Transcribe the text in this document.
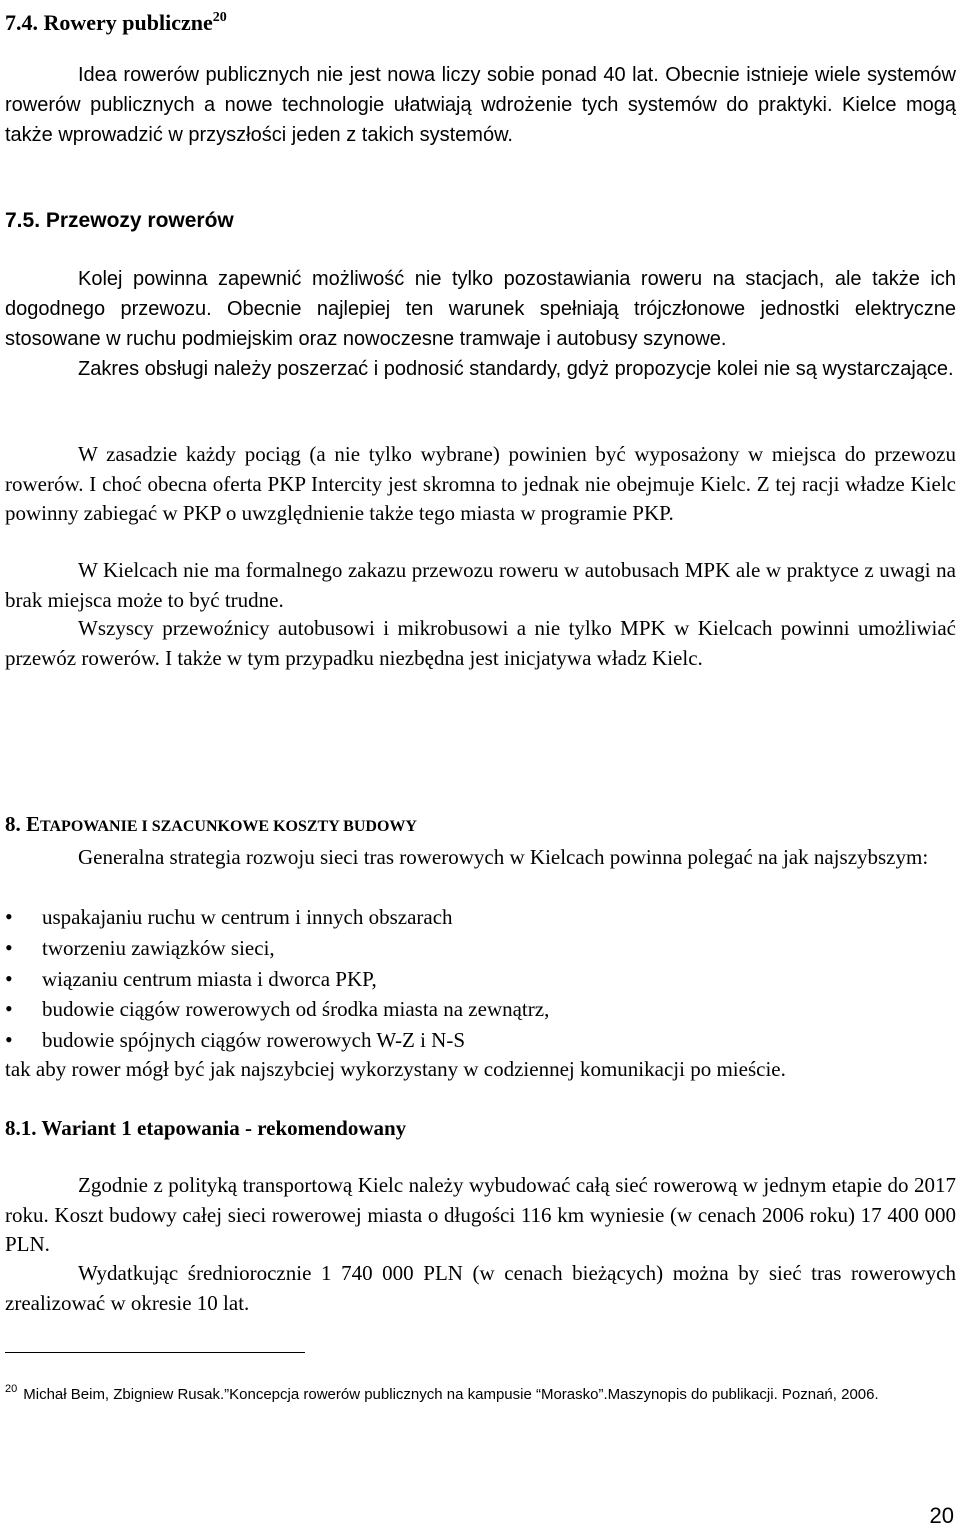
7.4. Rowery publiczne$^{20}$

Idea rowerów publicznych nie jest nowa liczy sobie ponad 40 lat. Obecnie istnieje wiele systemów rowerów publicznych a nowe technologie ułatwiają wdrożenie tych systemów do praktyki. Kielce mogą także wprowadzić w przyszłości jeden z takich systemów.

7.5. Przewozy rowerów

Kolej powinna zapewnić możliwość nie tylko pozostawiania roweru na stacjach, ale także ich dogodnego przewozu. Obecnie najlepiej ten warunek spełniają trójczłonowe jednostki elektryczne stosowane w ruchu podmiejskim oraz nowoczesne tramwaje i autobusy szynowe.

Zakres obsługi należy poszerzać i podnosić standardy, gdyż propozycje kolei nie są wystarczające.

W zasadzie każdy pociąg (a nie tylko wybrane) powinien być wyposażony w miejsca do przewozu rowerów. I choć obecna oferta PKP Intercity jest skromna to jednak nie obejmuje Kielc. Z tej racji władze Kielc powinny zabiegać w PKP o uwzględnienie także tego miasta w programie PKP.

W Kielcach nie ma formalnego zakazu przewozu roweru w autobusach MPK ale w praktyce z uwagi na brak miejsca może to być trudne.

Wszyscy przewoźnicy autobusowi i mikrobusowi a nie tylko MPK w Kielcach powinni umożliwiać przewóz rowerów. I także w tym przypadku niezbędna jest inicjatywa władz Kielc.

8. ETAPOWANIE I SZACUNKOWE KOSZTY BUDOWY

Generalna strategia rozwoju sieci tras rowerowych w Kielcach powinna polegać na jak najszybszym:

• uspakajaniu ruchu w centrum i innych obszarach
• tworzeniu zawiązków sieci,
• wiązaniu centrum miasta i dworca PKP,
• budowie ciągów rowerowych od środka miasta na zewnątrz,
• budowie spójnych ciągów rowerowych W-Z i N-S

tak aby rower mógł być jak najszybciej wykorzystany w codziennej komunikacji po mieście.

8.1. Wariant 1 etapowania - rekomendowany

Zgodnie z polityką transportową Kielc należy wybudować całą sieć rowerową w jednym etapie do 2017 roku. Koszt budowy całej sieci rowerowej miasta o długości 116 km wyniesie (w cenach 2006 roku) 17 400 000 PLN.

Wydatkując średniorocznie 1 740 000 PLN (w cenach bieżących) można by sieć tras rowerowych zrealizować w okresie 10 lat.

$^{20}$ Michał Beim, Zbigniew Rusak.”Koncepcja rowerów publicznych na kampusie “Morasko”.Maszynopis do publikacji. Poznań, 2006.

20
